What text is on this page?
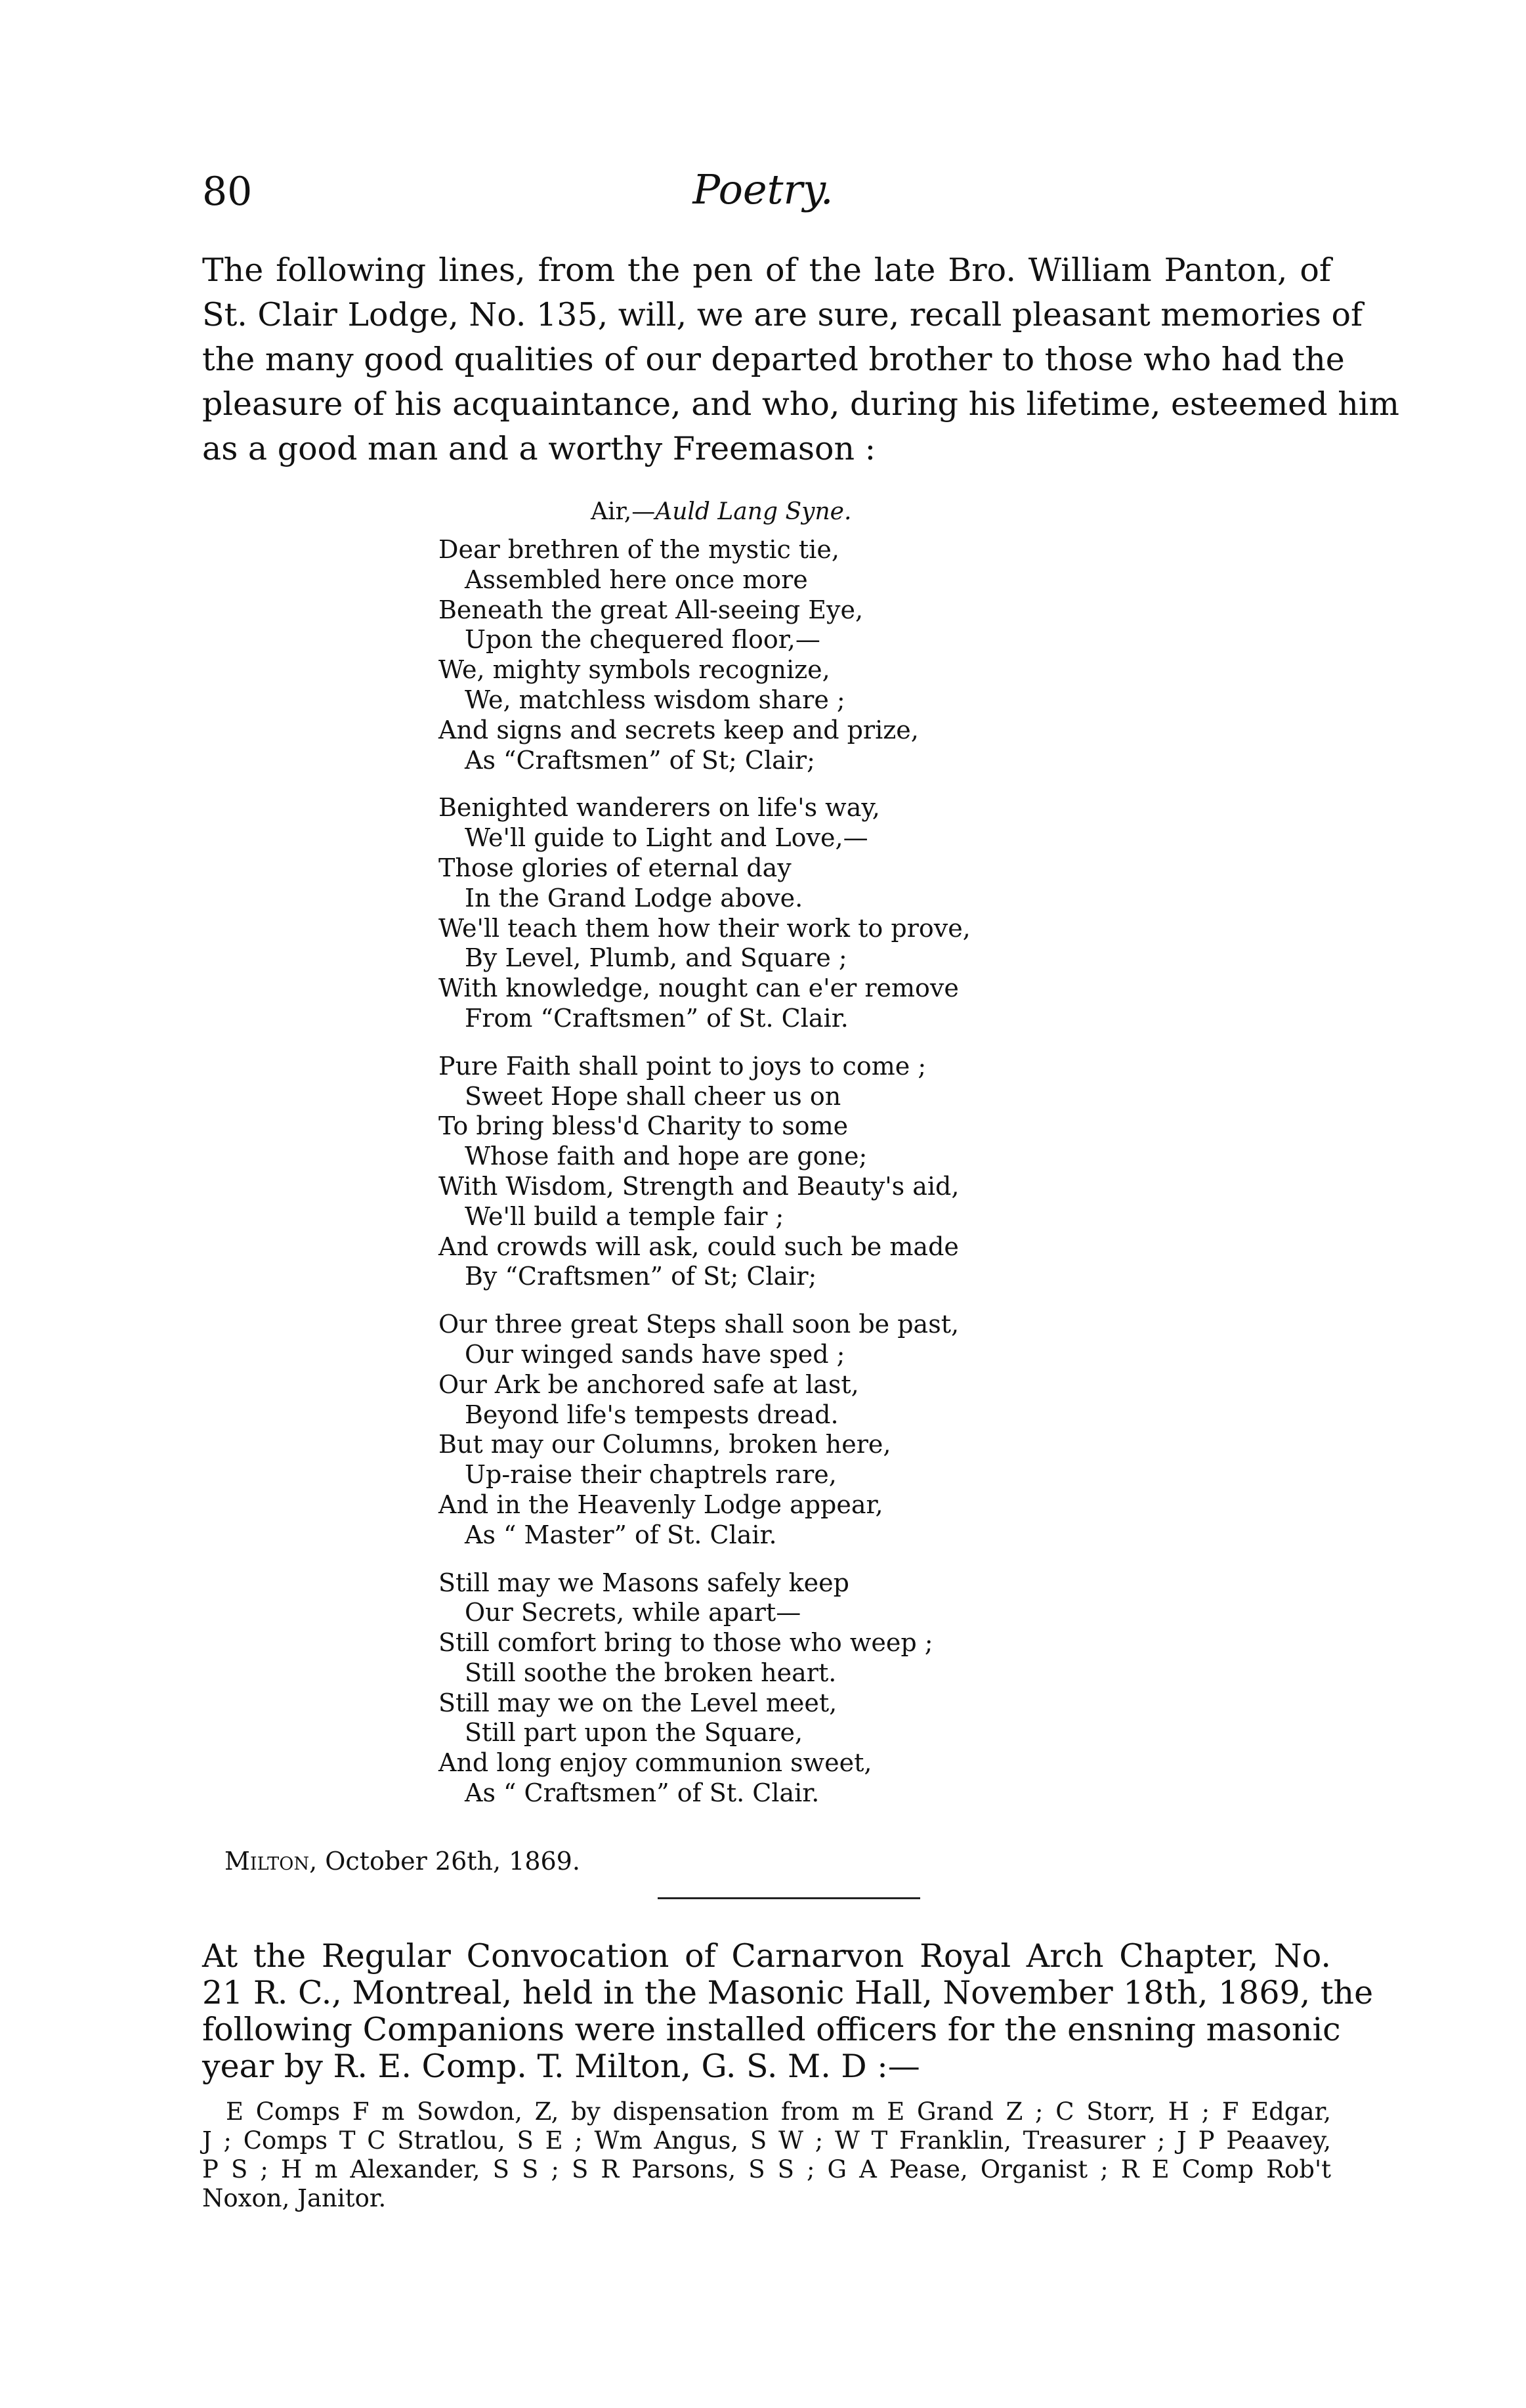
80	Poetry.
The following lines, from the pen of the late Bro. William Panton, of
St. Clair Lodge, No. 135, will, we are sure, recall pleasant memories of
the many good qualities of our departed brother to those who had the
pleasure of his acquaintance, and who, during his lifetime, esteemed him
as a good man and a worthy Freemason :
Air,—Auld Lang Syne.
Dear brethren of the mystic tie,
Assembled here once more
Beneath the great All-seeing Eye,
Upon the chequered floor,—
We, mighty symbols recognize,
We, matchless wisdom share ;
And signs and secrets keep and prize,
As “Craftsmen” of St; Clair;
Benighted wanderers on life's way,
We'll guide to Light and Love,—
Those glories of eternal day
In the Grand Lodge above.
We'll teach them how their work to prove,
By Level, Plumb, and Square ;
With knowledge, nought can e'er remove
From “Craftsmen” of St. Clair.
Pure Faith shall point to joys to come ;
Sweet Hope shall cheer us on
To bring bless'd Charity to some
Whose faith and hope are gone;
With Wisdom, Strength and Beauty's aid,
We'll build a temple fair ;
And crowds will ask, could such be made
By “Craftsmen” of St; Clair;
Our three great Steps shall soon be past,
Our winged sands have sped ;
Our Ark be anchored safe at last,
Beyond life's tempests dread.
But may our Columns, broken here,
Up-raise their chaptrels rare,
And in the Heavenly Lodge appear,
As “ Master” of St. Clair.
Still may we Masons safely keep
Our Secrets, while apart—
Still comfort bring to those who weep ;
Still soothe the broken heart.
Still may we on the Level meet,
Still part upon the Square,
And long enjoy communion sweet,
As “ Craftsmen” of St. Clair.
Milton, October 26th, 1869.
At the Regular Convocation of Carnarvon Royal Arch Chapter, No.
21 R. C., Montreal, held in the Masonic Hall, November 18th, 1869, the
following Companions were installed officers for the ensning masonic
year by R. E. Comp. T. Milton, G. S. M. D :—
E Comps F m Sowdon, Z, by dispensation from m E Grand Z ; C Storr, H ; F Edgar,
J ; Comps T C Stratlou, S E ; Wm Angus, S W ; W T Franklin, Treasurer ; J P Peaavey,
P S ; H m Alexander, S S ; S R Parsons, S S ; G A Pease, Organist ; R E Comp Rob't
Noxon, Janitor.
